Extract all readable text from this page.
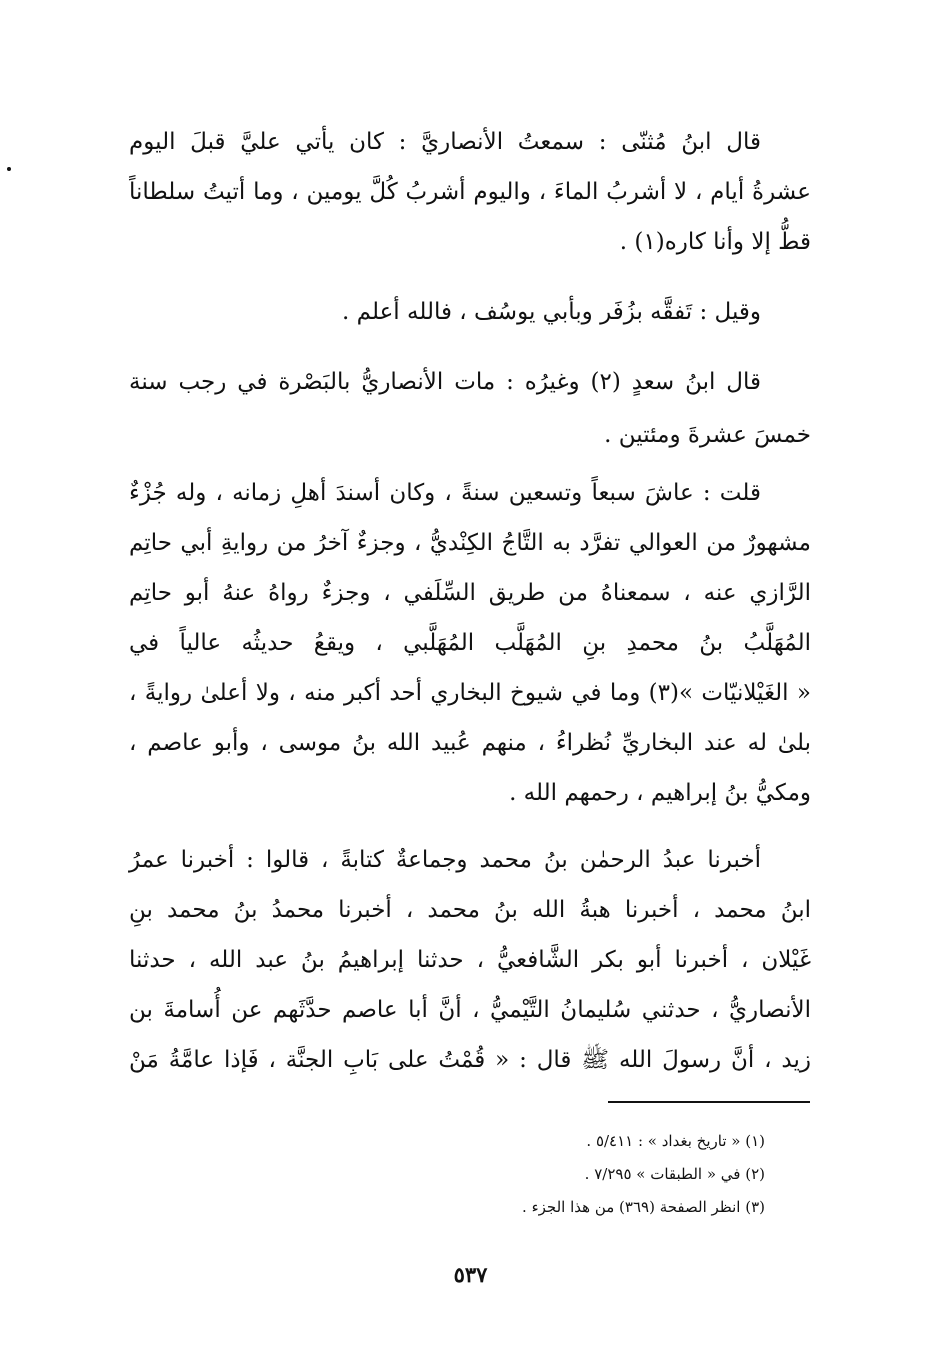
قال ابنُ مُثنّى : سمعتُ الأنصاريَّ : كان يأتي عليَّ قبلَ اليوم
عشرةُ أيام ، لا أشربُ الماءَ ، واليوم أشربُ كُلَّ يومين ، وما أتيتُ سلطاناً
قطُّ إلا وأنا كاره(١) .
وقيل : تَفقَّه بزُفَر وبأبي يوسُف ، فالله أعلم .
قال ابنُ سعدٍ (٢) وغيرُه : مات الأنصاريُّ بالبَصْرة في رجب سنة
خمسَ عشرةَ ومئتين .
قلت : عاشَ سبعاً وتسعين سنةً ، وكان أسندَ أهلِ زمانه ، وله جُزْءٌ
مشهورٌ من العوالي تفرَّد به التَّاجُ الكِنْديُّ ، وجزءٌ آخرُ من روايةِ أبي حاتِم
الرَّازي عنه ، سمعناهُ من طريق السِّلَفي ، وجزءٌ رواهُ عنهُ أبو حاتِم
المُهَلَّبُ بنُ محمدِ بنِ المُهَلَّب المُهَلَّبي ، ويقعُ حديثُه عالياً في
« الغَيْلانيّات »(٣) وما في شيوخ البخاري أحد أكبر منه ، ولا أعلىٰ روايةً ،
بلىٰ له عند البخاريِّ نُظراءُ ، منهم عُبيد الله بنُ موسى ، وأبو عاصم ،
ومكيُّ بنُ إبراهيم ، رحمهم الله .
أخبرنا عبدُ الرحمٰن بنُ محمد وجماعةٌ كتابةً ، قالوا : أخبرنا عمرُ
ابنُ محمد ، أخبرنا هبةُ الله بنُ محمد ، أخبرنا محمدُ بنُ محمد بنِ
غَيْلان ، أخبرنا أبو بكر الشَّافعيُّ ، حدثنا إبراهيمُ بنُ عبد الله ، حدثنا
الأنصاريُّ ، حدثني سُليمانُ التَّيْميُّ ، أنَّ أبا عاصم حدَّثَهم عن أُسامةَ بن
زيد ، أنَّ رسولَ الله ﷺ قال : « قُمْتُ على بَابِ الجنَّة ، فَإذا عامَّةُ مَنْ
(١) « تاريخ بغداد » : ٥/٤١١ .
(٢) في « الطبقات » ٧/٢٩٥ .
(٣) انظر الصفحة (٣٦٩) من هذا الجزء .
٥٣٧
